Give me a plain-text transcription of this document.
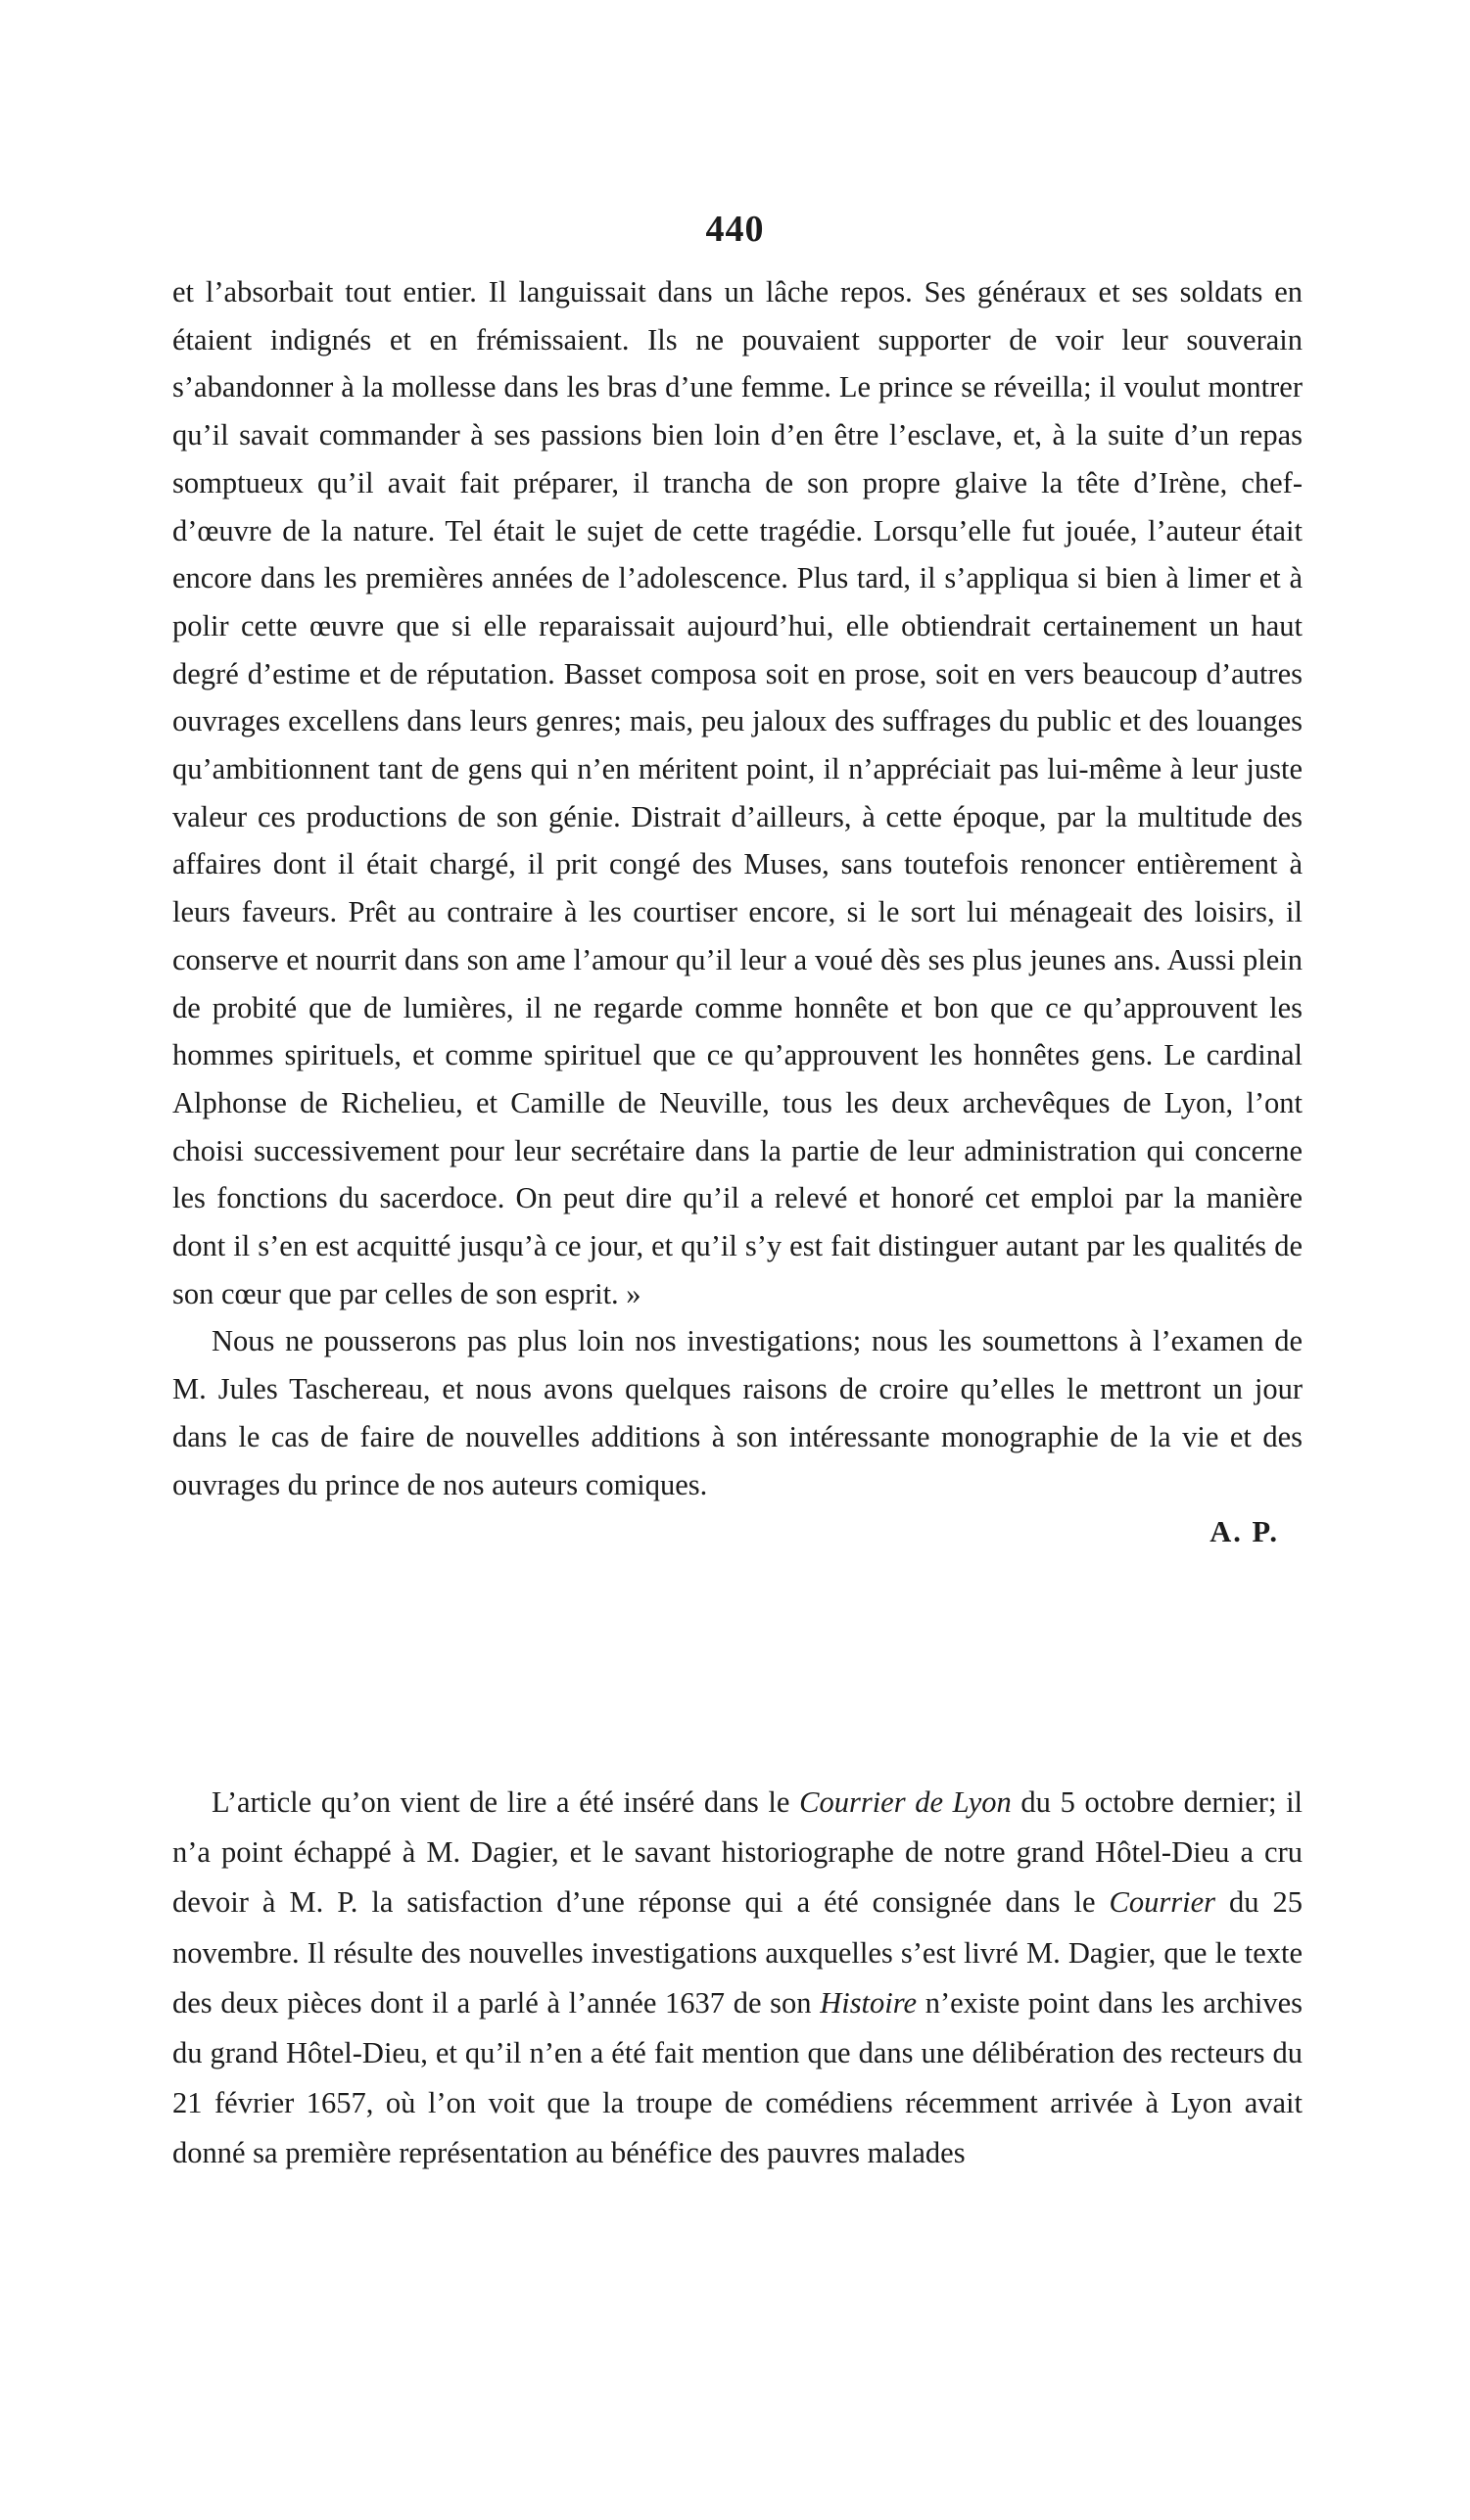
440

et l’absorbait tout entier. Il languissait dans un lâche repos. Ses généraux et ses soldats en étaient indignés et en frémissaient. Ils ne pouvaient supporter de voir leur souverain s’abandonner à la mollesse dans les bras d’une femme. Le prince se réveilla; il voulut montrer qu’il savait commander à ses passions bien loin d’en être l’esclave, et, à la suite d’un repas somptueux qu’il avait fait préparer, il trancha de son propre glaive la tête d’Irène, chef-d’œuvre de la nature. Tel était le sujet de cette tragédie. Lorsqu’elle fut jouée, l’auteur était encore dans les premières années de l’adolescence. Plus tard, il s’appliqua si bien à limer et à polir cette œuvre que si elle reparaissait aujourd’hui, elle obtiendrait certainement un haut degré d’estime et de réputation. Basset composa soit en prose, soit en vers beaucoup d’autres ouvrages excellens dans leurs genres; mais, peu jaloux des suffrages du public et des louanges qu’ambitionnent tant de gens qui n’en méritent point, il n’appréciait pas lui-même à leur juste valeur ces productions de son génie. Distrait d’ailleurs, à cette époque, par la multitude des affaires dont il était chargé, il prit congé des Muses, sans toutefois renoncer entièrement à leurs faveurs. Prêt au contraire à les courtiser encore, si le sort lui ménageait des loisirs, il conserve et nourrit dans son ame l’amour qu’il leur a voué dès ses plus jeunes ans. Aussi plein de probité que de lumières, il ne regarde comme honnête et bon que ce qu’approuvent les hommes spirituels, et comme spirituel que ce qu’approuvent les honnêtes gens. Le cardinal Alphonse de Richelieu, et Camille de Neuville, tous les deux archevêques de Lyon, l’ont choisi successivement pour leur secrétaire dans la partie de leur administration qui concerne les fonctions du sacerdoce. On peut dire qu’il a relevé et honoré cet emploi par la manière dont il s’en est acquitté jusqu’à ce jour, et qu’il s’y est fait distinguer autant par les qualités de son cœur que par celles de son esprit. »

Nous ne pousserons pas plus loin nos investigations; nous les soumettons à l’examen de M. Jules Taschereau, et nous avons quelques raisons de croire qu’elles le mettront un jour dans le cas de faire de nouvelles additions à son intéressante monographie de la vie et des ouvrages du prince de nos auteurs comiques.

A. P.

L’article qu’on vient de lire a été inséré dans le Courrier de Lyon du 5 octobre dernier; il n’a point échappé à M. Dagier, et le savant historiographe de notre grand Hôtel-Dieu a cru devoir à M. P. la satisfaction d’une réponse qui a été consignée dans le Courrier du 25 novembre. Il résulte des nouvelles investigations auxquelles s’est livré M. Dagier, que le texte des deux pièces dont il a parlé à l’année 1637 de son Histoire n’existe point dans les archives du grand Hôtel-Dieu, et qu’il n’en a été fait mention que dans une délibération des recteurs du 21 février 1657, où l’on voit que la troupe de comédiens récemment arrivée à Lyon avait donné sa première représentation au bénéfice des pauvres malades
